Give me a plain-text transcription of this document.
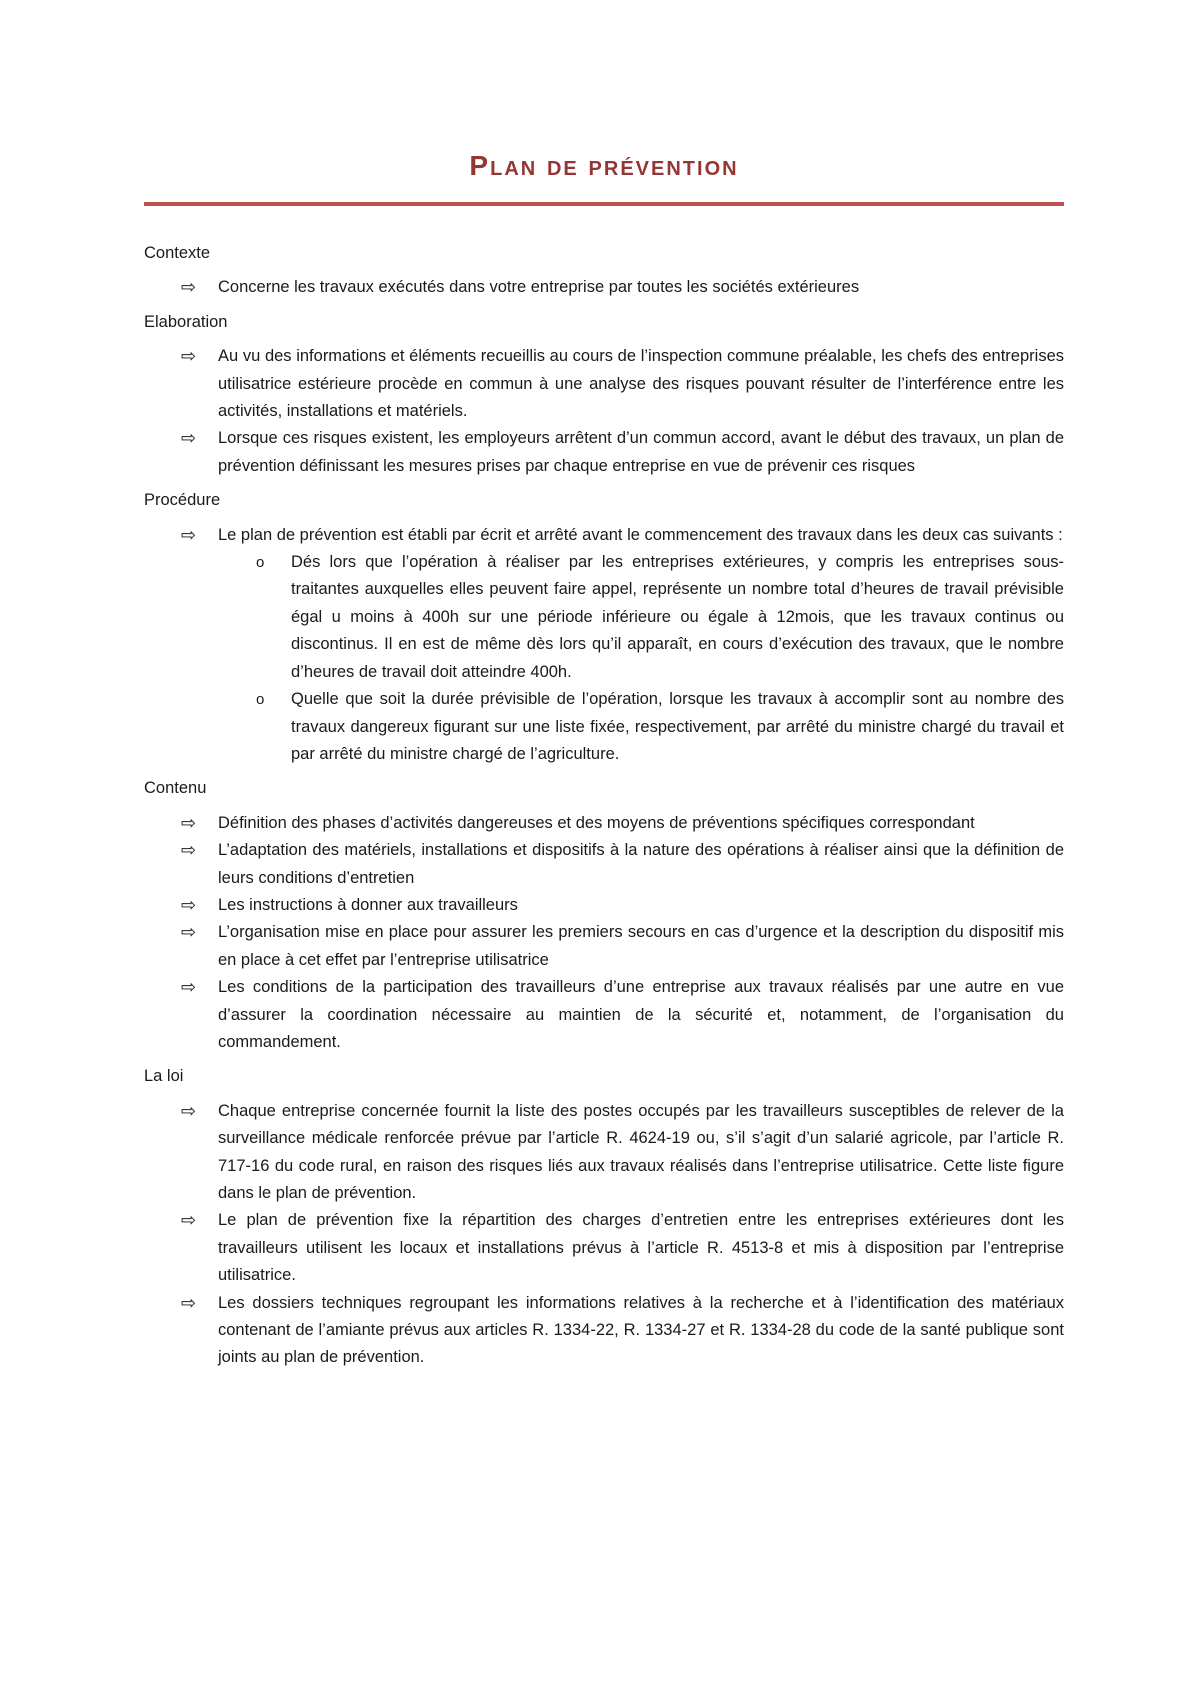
Plan de prévention
Contexte
⇨ Concerne les travaux exécutés dans votre entreprise par toutes les sociétés extérieures
Elaboration
⇨ Au vu des informations et éléments recueillis au cours de l’inspection commune préalable, les chefs des entreprises utilisatrice estérieure procède en commun à une analyse des risques pouvant résulter de l’interférence entre les activités, installations et matériels.
⇨ Lorsque ces risques existent, les employeurs arrêtent d’un commun accord, avant le début des travaux, un plan de prévention définissant les mesures prises par chaque entreprise en vue de prévenir ces risques
Procédure
⇨ Le plan de prévention est établi par écrit et arrêté avant le commencement des travaux dans les deux cas suivants :
o Dés lors que l’opération à réaliser par les entreprises extérieures, y compris les entreprises sous-traitantes auxquelles elles peuvent faire appel, représente un nombre total d’heures de travail prévisible égal u moins à 400h sur une période inférieure ou égale à 12mois, que les travaux continus ou discontinus. Il en est de même dès lors qu’il apparaît, en cours d’exécution des travaux, que le nombre d’heures de travail doit atteindre 400h.
o Quelle que soit la durée prévisible de l’opération, lorsque les travaux à accomplir sont au nombre des travaux dangereux figurant sur une liste fixée, respectivement, par arrêté du ministre chargé du travail et par arrêté du ministre chargé de l’agriculture.
Contenu
⇨ Définition des phases d’activités dangereuses et des moyens de préventions spécifiques correspondant
⇨ L’adaptation des matériels, installations et dispositifs à la nature des opérations à réaliser ainsi que la définition de leurs conditions d’entretien
⇨ Les instructions à donner aux travailleurs
⇨ L’organisation mise en place pour assurer les premiers secours en cas d’urgence et la description du dispositif mis en place à cet effet par l’entreprise utilisatrice
⇨ Les conditions de la participation des travailleurs d’une entreprise aux travaux réalisés par une autre en vue d’assurer la coordination nécessaire au maintien de la sécurité et, notamment, de l’organisation du commandement.
La loi
⇨ Chaque entreprise concernée fournit la liste des postes occupés par les travailleurs susceptibles de relever de la surveillance médicale renforcée prévue par l’article R. 4624-19 ou, s’il s’agit d’un salarié agricole, par l’article R. 717-16 du code rural, en raison des risques liés aux travaux réalisés dans l’entreprise utilisatrice. Cette liste figure dans le plan de prévention.
⇨ Le plan de prévention fixe la répartition des charges d’entretien entre les entreprises extérieures dont les travailleurs utilisent les locaux et installations prévus à l’article R. 4513-8 et mis à disposition par l’entreprise utilisatrice.
⇨ Les dossiers techniques regroupant les informations relatives à la recherche et à l’identification des matériaux contenant de l’amiante prévus aux articles R. 1334-22, R. 1334-27 et R. 1334-28 du code de la santé publique sont joints au plan de prévention.
